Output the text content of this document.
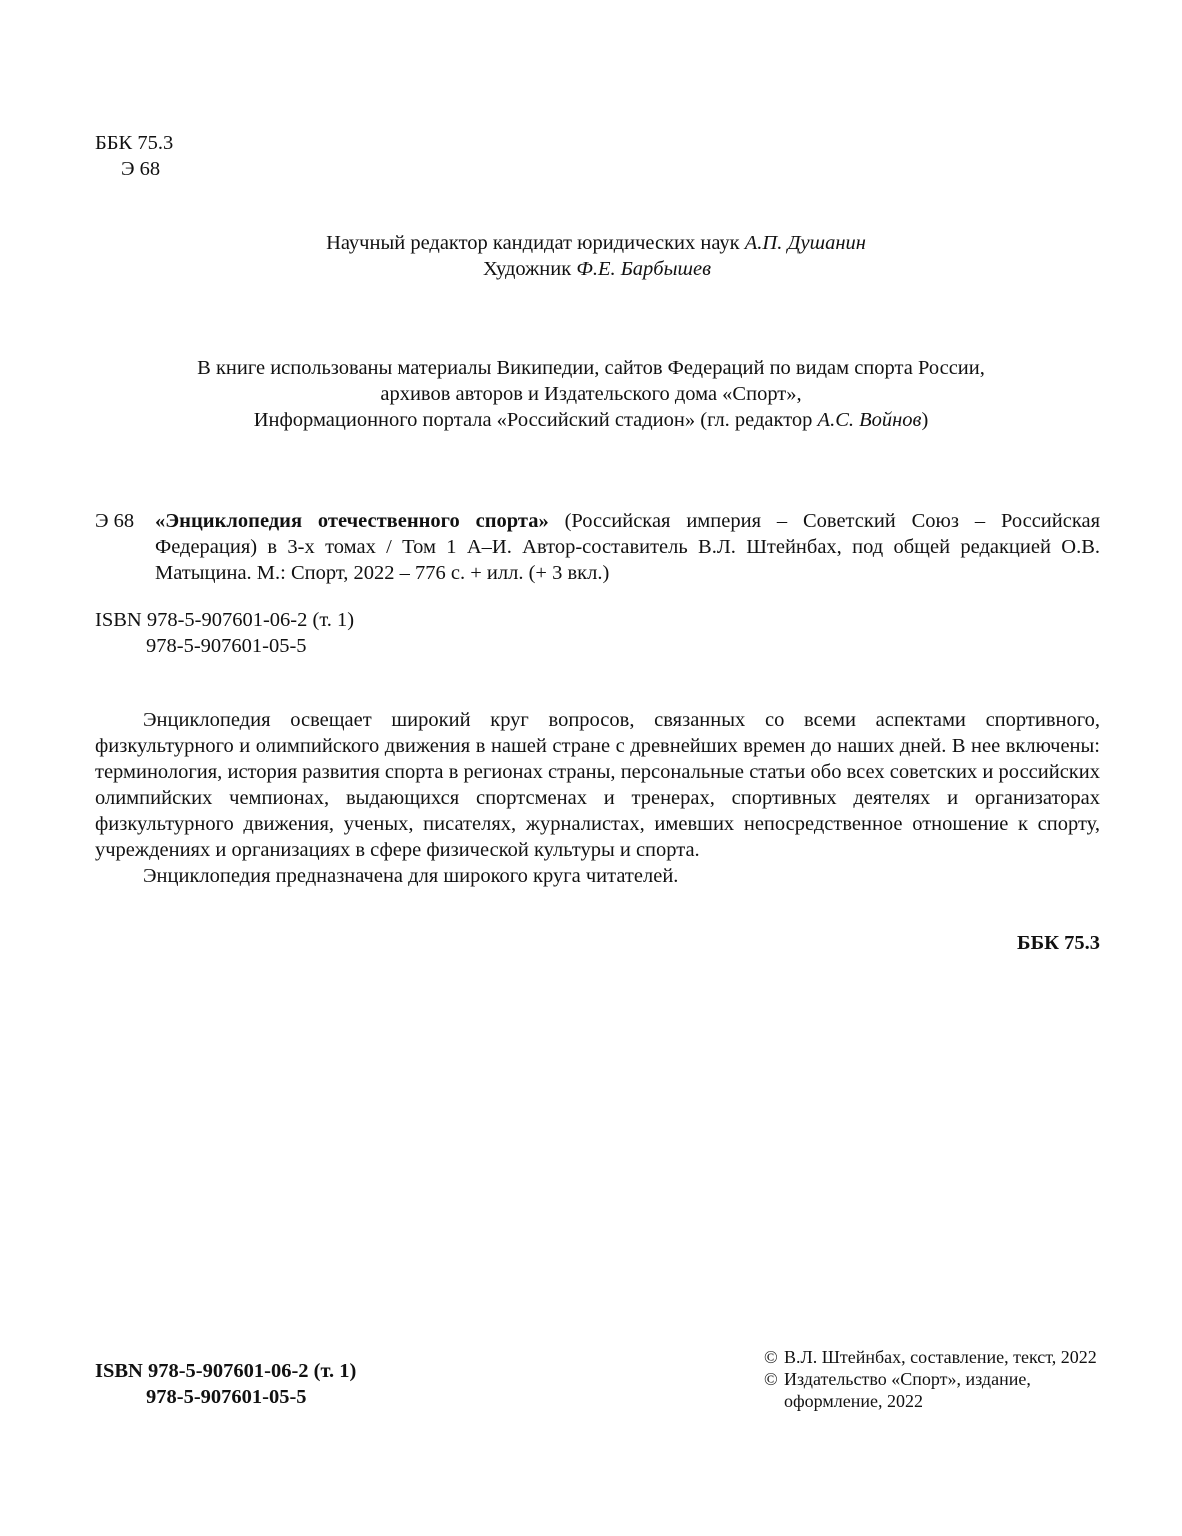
ББК 75.3
Э 68
Научный редактор кандидат юридических наук А.П. Душанин
Художник Ф.Е. Барбышев
В книге использованы материалы Википедии, сайтов Федераций по видам спорта России,
архивов авторов и Издательского дома «Спорт»,
Информационного портала «Российский стадион» (гл. редактор А.С. Войнов)
Э 68	«Энциклопедия отечественного спорта» (Российская империя – Советский Союз – Российская Федерация) в 3-х томах / Том 1 А–И. Автор-составитель В.Л. Штейнбах, под общей редакцией О.В. Матыцина. М.: Спорт, 2022 – 776 с. + илл. (+ 3 вкл.)
ISBN 978-5-907601-06-2 (т. 1)
978-5-907601-05-5

Энциклопедия освещает широкий круг вопросов, связанных со всеми аспектами спортивного, физкультурного и олимпийского движения в нашей стране с древнейших времен до наших дней. В нее включены: терминология, история развития спорта в регионах страны, персональные статьи обо всех советских и российских олимпийских чемпионах, выдающихся спортсменах и тренерах, спортивных деятелях и организаторах физкультурного движения, ученых, писателях, журналистах, имевших непосредственное отношение к спорту, учреждениях и организациях в сфере физической культуры и спорта.

Энциклопедия предназначена для широкого круга читателей.

ББК 75.3
ISBN 978-5-907601-06-2 (т. 1)
978-5-907601-05-5
© В.Л. Штейнбах, составление, текст, 2022
© Издательство «Спорт», издание,
оформление, 2022
